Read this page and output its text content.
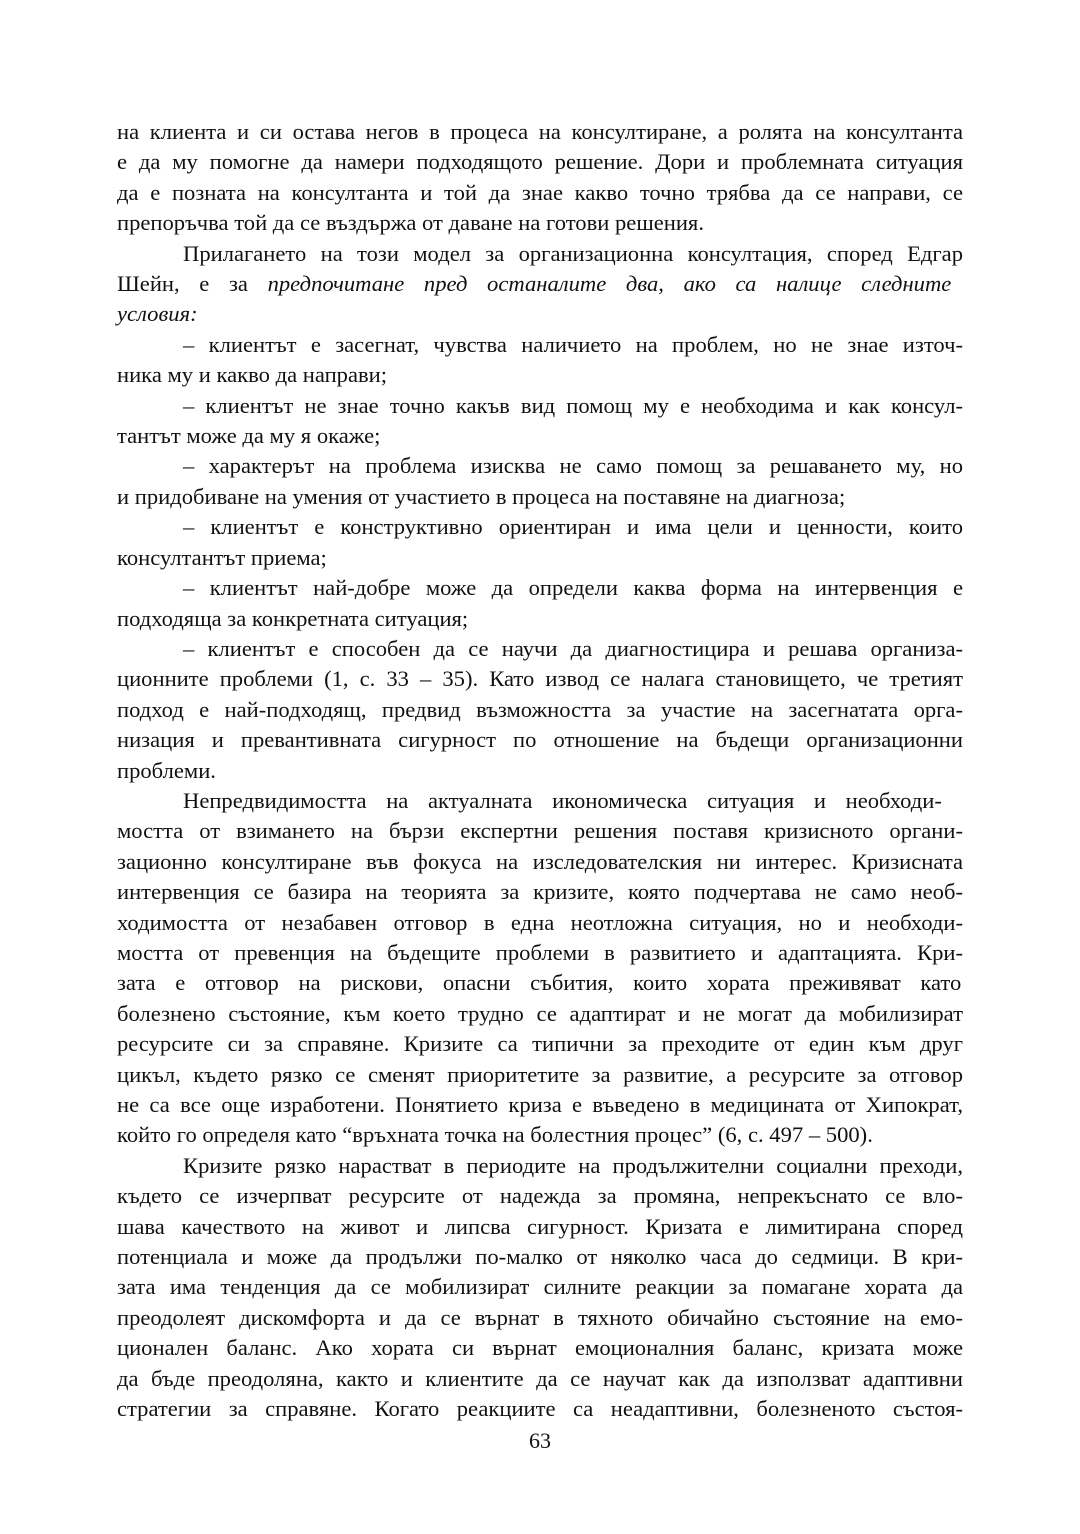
на клиента и си остава негов в процеса на консултиране, а ролята на консултанта
е да му помогне да намери подходящото решение. Дори и проблемната ситуация
да е позната на консултанта и той да знае какво точно трябва да се направи, се
препоръчва той да се въздържа от даване на готови решения.
Прилагането на този модел за организационна консултация, според Едгар
Шейн, е за предпочитане пред останалите два, ако са налице следните
условия:
– клиентът е засегнат, чувства наличието на проблем, но не знае източ-
ника му и какво да направи;
– клиентът не знае точно какъв вид помощ му е необходима и как консул-
тантът може да му я окаже;
– характерът на проблема изисква не само помощ за решаването му, но
и придобиване на умения от участието в процеса на поставяне на диагноза;
– клиентът е конструктивно ориентиран и има цели и ценности, които
консултантът приема;
– клиентът най-добре може да определи каква форма на интервенция е
подходяща за конкретната ситуация;
– клиентът е способен да се научи да диагностицира и решава организа-
ционните проблеми (1, с. 33 – 35). Като извод се налага становището, че третият
подход е най-подходящ, предвид възможността за участие на засегнатата орга-
низация и превантивната сигурност по отношение на бъдещи организационни
проблеми.
Непредвидимостта на актуалната икономическа ситуация и необходи-
мостта от взимането на бързи експертни решения поставя кризисното органи-
зационно консултиране във фокуса на изследователския ни интерес. Кризисната
интервенция се базира на теорията за кризите, която подчертава не само необ-
ходимостта от незабавен отговор в една неотложна ситуация, но и необходи-
мостта от превенция на бъдещите проблеми в развитието и адаптацията. Кри-
зата е отговор на рискови, опасни събития, които хората преживяват като
болезнено състояние, към което трудно се адаптират и не могат да мобилизират
ресурсите си за справяне. Кризите са типични за преходите от един към друг
цикъл, където рязко се сменят приоритетите за развитие, а ресурсите за отговор
не са все още изработени. Понятието криза е въведено в медицината от Хипократ,
който го определя като “връхната точка на болестния процес” (6, с. 497 – 500).
Кризите рязко нарастват в периодите на продължителни социални преходи,
където се изчерпват ресурсите от надежда за промяна, непрекъснато се вло-
шава качеството на живот и липсва сигурност. Кризата е лимитирана според
потенциала и може да продължи по-малко от няколко часа до седмици. В кри-
зата има тенденция да се мобилизират силните реакции за помагане хората да
преодолеят дискомфорта и да се върнат в тяхното обичайно състояние на емо-
ционален баланс. Ако хората си върнат емоционалния баланс, кризата може
да бъде преодоляна, както и клиентите да се научат как да използват адаптивни
стратегии за справяне. Когато реакциите са неадаптивни, болезненото състоя-
63
